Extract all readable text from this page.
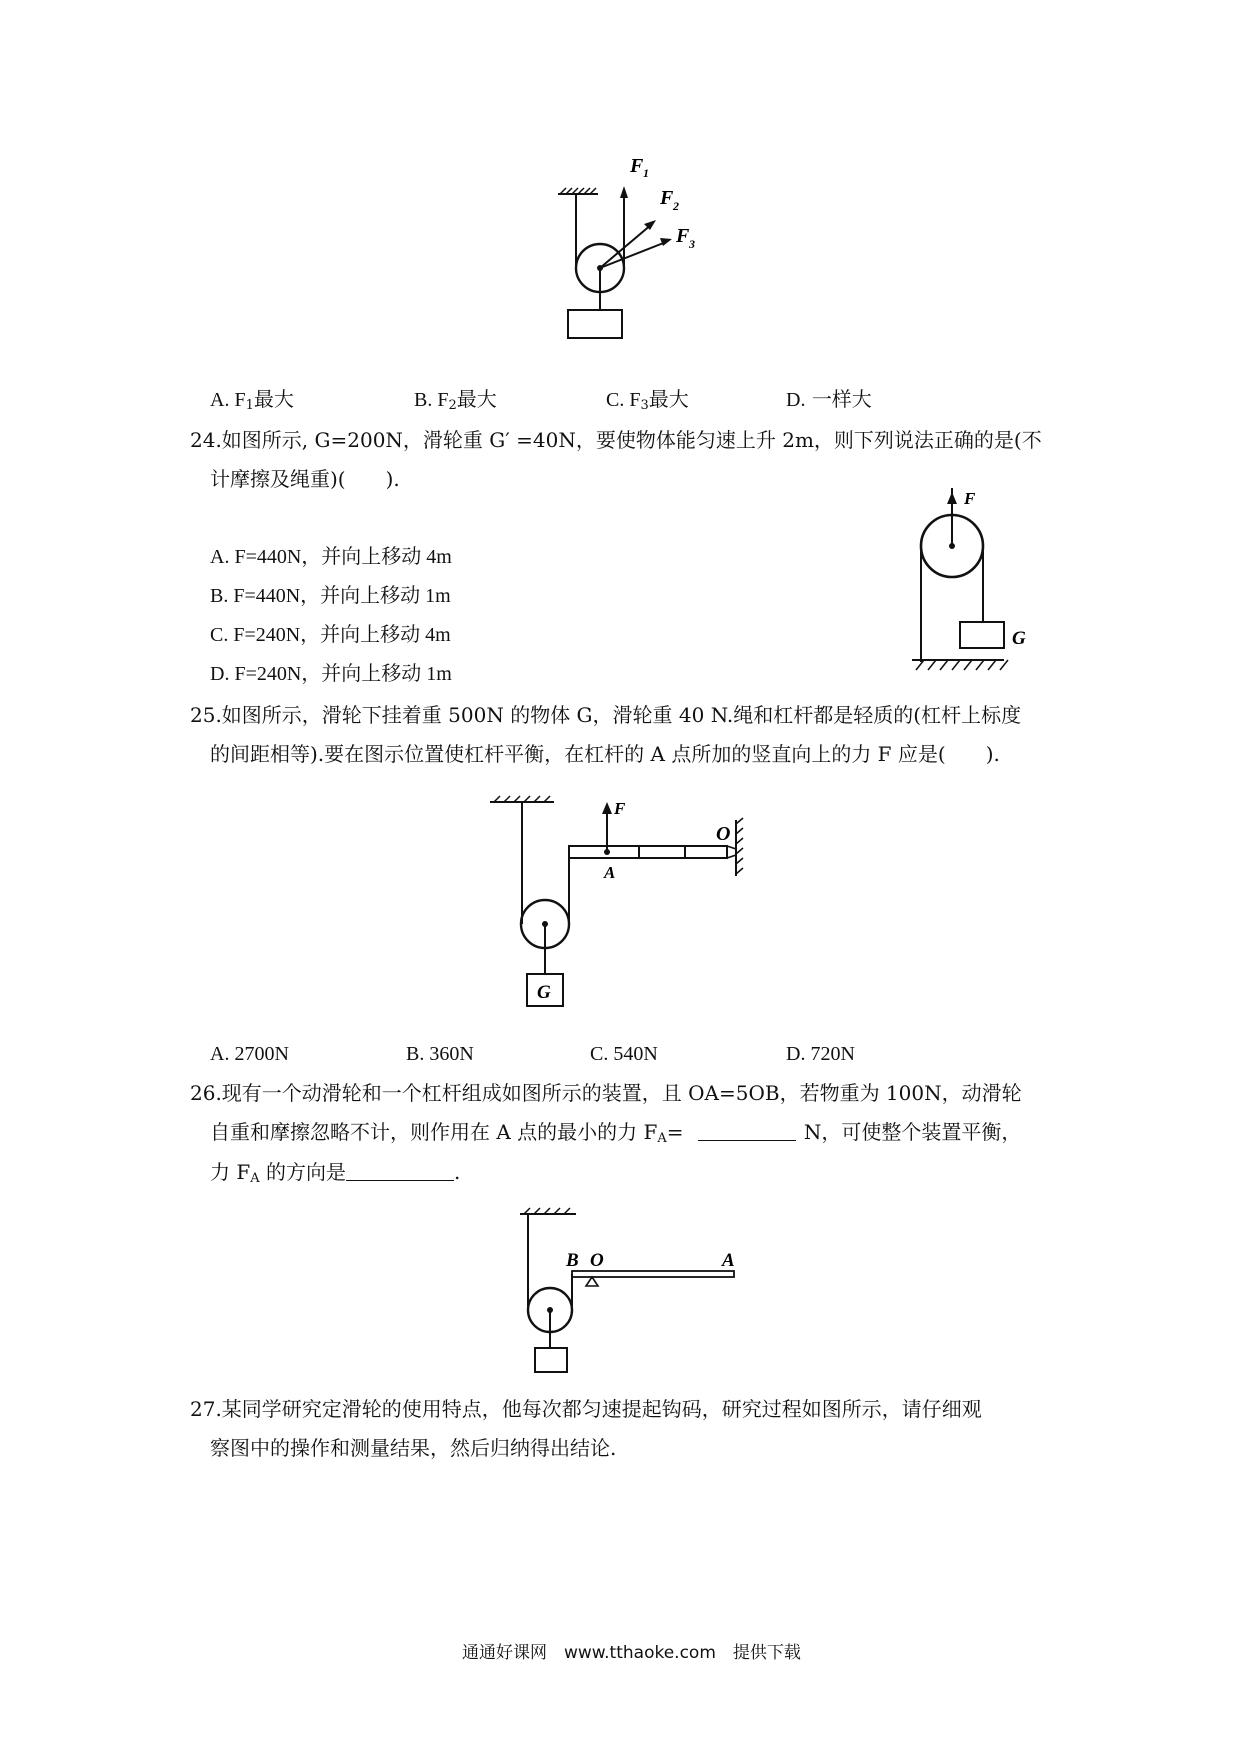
F 1
F 2
F 3
A. $F_1$最大	B. $F_2$最大	C. $F_3$最大	D. 一样大
24.如图所示, G=200N，滑轮重 G′ =40N，要使物体能匀速上升 2m，则下列说法正确的是(不
计摩擦及绳重)(　　).
A. F=440N，并向上移动 4m
B. F=440N，并向上移动 1m
C. F=240N，并向上移动 4m
D. F=240N，并向上移动 1m
F
G
25.如图所示，滑轮下挂着重 500N 的物体 G，滑轮重 40 N.绳和杠杆都是轻质的(杠杆上标度
的间距相等).要在图示位置使杠杆平衡，在杠杆的 A 点所加的竖直向上的力 F 应是(　　).
F
A
O
G
A. 2700N	B. 360N	C. 540N	D. 720N
26.现有一个动滑轮和一个杠杆组成如图所示的装置，且 OA=5OB，若物重为 100N，动滑轮
自重和摩擦忽略不计，则作用在 A 点的最小的力 $F_A=$	N，可使整个装置平衡，
力 $F_A$ 的方向是	.
B O	A
27.某同学研究定滑轮的使用特点，他每次都匀速提起钩码，研究过程如图所示，请仔细观
察图中的操作和测量结果，然后归纳得出结论.
通通好课网　www.tthaoke.com　提供下载
